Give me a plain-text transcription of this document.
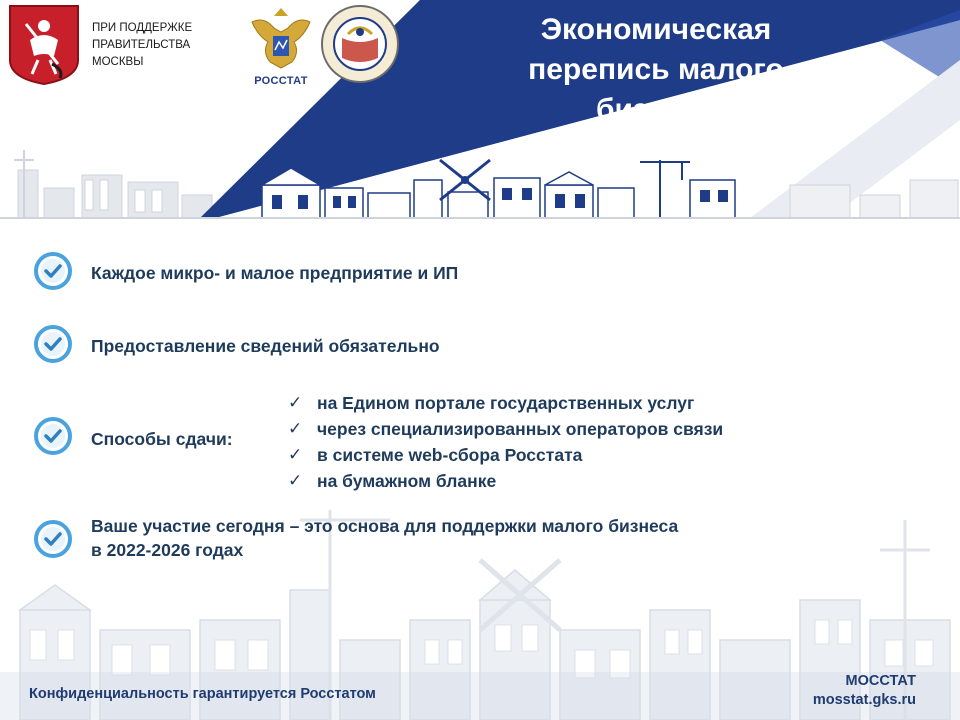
ПРИ ПОДДЕРЖКЕ
ПРАВИТЕЛЬСТВА
МОСКВЫ
РОССТАТ
Экономическая
перепись малого
бизнеса
до 1 мая 2021 года
Каждое микро- и малое предприятие и ИП
Предоставление сведений обязательно
Способы сдачи:
✓ на Едином портале государственных услуг
✓ через специализированных операторов связи
✓ в системе web-сбора Росстата
✓ на бумажном бланке
Ваше участие сегодня – это основа для поддержки малого бизнеса
в 2022-2026 годах
Конфиденциальность гарантируется Росстатом
МОССТАТ
mosstat.gks.ru
